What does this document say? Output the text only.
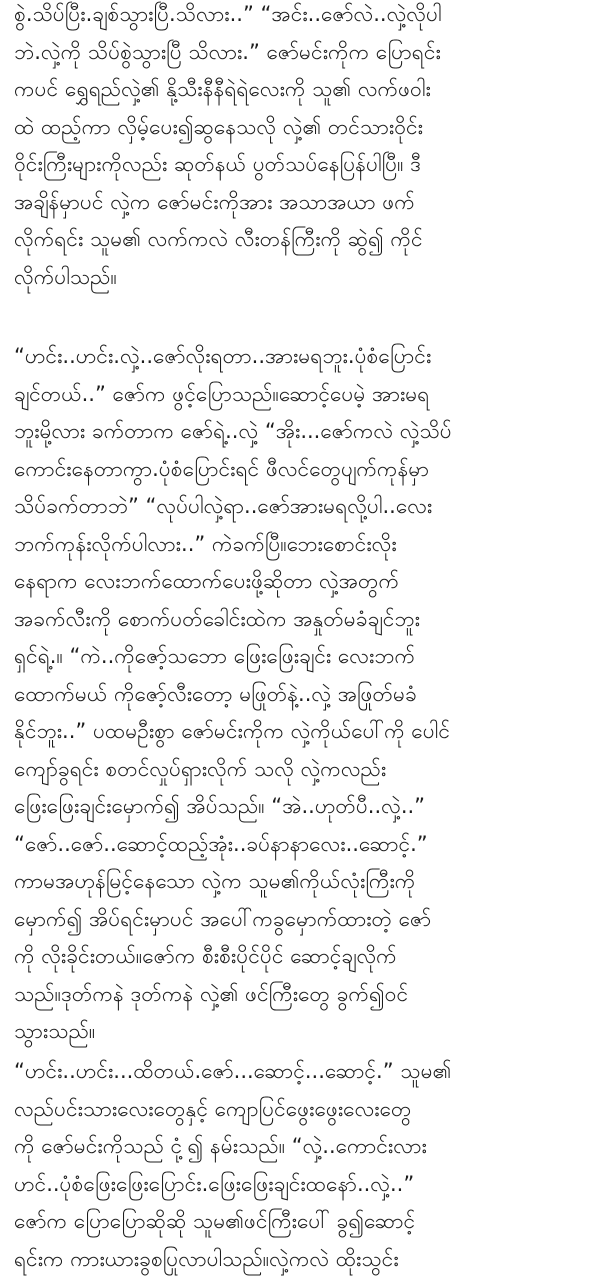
စွဲ.သိပ်ပြီး.ချစ်သွားပြီ.သိလား..” “အင်း..ဇော်လဲ..လှဲ့လိုပါ
ဘဲ.လှဲ့ကို သိပ်စွဲသွားပြီ သိလား.” ဇော်မင်းကိုက ပြောရင်း
ကပင် ရွှေရည်လှဲ့၏ နို့သီးနီနီရဲရဲလေးကို သူ၏ လက်ဖဝါး
ထဲ ထည့်ကာ လှိမ့်ပေး၍ဆွနေသလို လှဲ့၏ တင်သားဝိုင်း
ဝိုင်းကြီးများကိုလည်း ဆုတ်နယ် ပွတ်သပ်နေပြန်ပါပြီ။ ဒီ
အချိန်မှာပင် လှဲ့က ဇော်မင်းကိုအား အသာအယာ ဖက်
လိုက်ရင်း သူမ၏ လက်ကလဲ လီးတန်ကြီးကို ဆွဲ၍ ကိုင်
လိုက်ပါသည်။

“ဟင်း..ဟင်း.လှဲ့..ဇော်လိုးရတာ..အားမရဘူး.ပုံစံပြောင်း
ချင်တယ်..” ဇော်က ဖွင့်ပြောသည်။ဆောင့်ပေမဲ့ အားမရ
ဘူးမို့လား ခက်တာက ဇော်ရဲ့..လှဲ့ “အိုး...ဇော်ကလဲ လှဲ့သိပ်
ကောင်းနေတာကွာ.ပုံစံပြောင်းရင် ဖီလင်တွေပျက်ကုန်မှာ
သိပ်ခက်တာဘဲ” “လုပ်ပါလှဲ့ရာ..ဇော်အားမရလို့ပါ..လေး
ဘက်ကုန်းလိုက်ပါလား..” ကဲခက်ပြီ။ဘေးစောင်းလိုး
နေရာက လေးဘက်ထောက်ပေးဖို့ဆိုတာ လှဲ့အတွက်
အခက်လီးကို စောက်ပတ်ခေါင်းထဲက အနှုတ်မခံချင်ဘူး
ရှင်ရဲ့.။ “ကဲ..ကိုဇော့်သဘော ဖြေးဖြေးချင်း လေးဘက်
ထောက်မယ် ကိုဇော့်လီးတော့ မဖြုတ်နဲ့..လှဲ့ အဖြုတ်မခံ
နိုင်ဘူး..” ပထမဦးစွာ ဇော်မင်းကိုက လှဲ့ကိုယ်ပေါ်ကို ပေါင်
ကျော်ခွရင်း စတင်လှုပ်ရှားလိုက် သလို လှဲ့ကလည်း
ဖြေးဖြေးချင်းမှောက်၍ အိပ်သည်။ “အဲ..ဟုတ်ပီ..လှဲ့..”
“ဇော်..ဇော်..ဆောင့်ထည့်အုံး..ခပ်နာနာလေး..ဆောင့်.”
ကာမအဟုန်မြင့်နေသော လှဲ့က သူမ၏ကိုယ်လုံးကြီးကို
မှောက်၍ အိပ်ရင်းမှာပင် အပေါ်ကခွမှောက်ထားတဲ့ ဇော်
ကို လိုးခိုင်းတယ်။ဇော်က စီးစီးပိုင်ပိုင် ဆောင့်ချလိုက်
သည်။ဒုတ်ကနဲ ဒုတ်ကနဲ လှဲ့၏ ဖင်ကြီးတွေ ခွက်၍ဝင်
သွားသည်။

“ဟင်း..ဟင်း...ထိတယ်.ဇော်...ဆောင့်...ဆောင့်.” သူမ၏
လည်ပင်းသားလေးတွေနှင့် ကျောပြင်ဖွေးဖွေးလေးတွေ
ကို ဇော်မင်းကိုသည် ငုံ့၍ နမ်းသည်။ “လှဲ့..ကောင်းလား
ဟင်..ပုံစံဖြေးဖြေးပြောင်း.ဖြေးဖြေးချင်းထနော်..လှဲ့..”
ဇော်က ပြောပြောဆိုဆို သူမ၏ဖင်ကြီးပေါ် ခွ၍ဆောင့်
ရင်းက ကားယားခွစပြုလာပါသည်။လှဲ့ကလဲ ထိုးသွင်း
